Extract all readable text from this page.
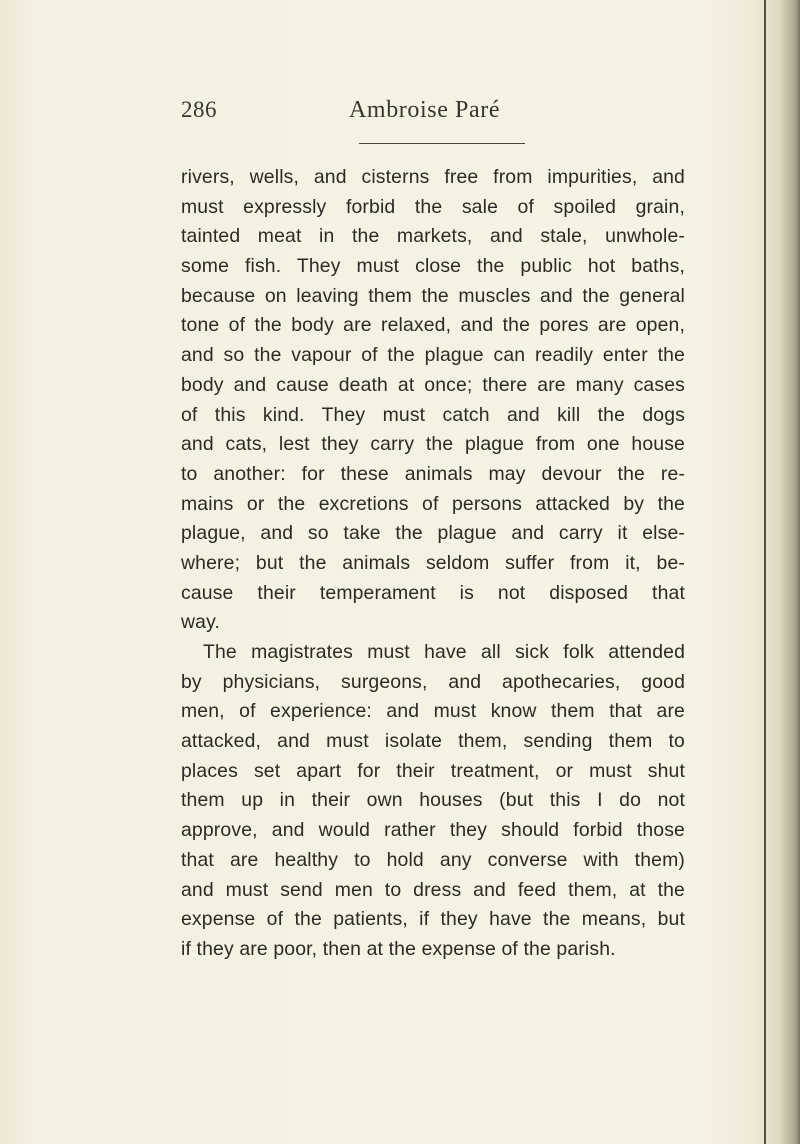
286	Ambroise Paré
rivers, wells, and cisterns free from impurities, and
must expressly forbid the sale of spoiled grain,
tainted meat in the markets, and stale, unwhole-
some fish. They must close the public hot baths,
because on leaving them the muscles and the general
tone of the body are relaxed, and the pores are open,
and so the vapour of the plague can readily enter the
body and cause death at once; there are many cases
of this kind. They must catch and kill the dogs
and cats, lest they carry the plague from one house
to another: for these animals may devour the re-
mains or the excretions of persons attacked by the
plague, and so take the plague and carry it else-
where; but the animals seldom suffer from it, be-
cause their temperament is not disposed that
way.
The magistrates must have all sick folk attended
by physicians, surgeons, and apothecaries, good
men, of experience: and must know them that are
attacked, and must isolate them, sending them to
places set apart for their treatment, or must shut
them up in their own houses (but this I do not
approve, and would rather they should forbid those
that are healthy to hold any converse with them)
and must send men to dress and feed them, at the
expense of the patients, if they have the means, but
if they are poor, then at the expense of the parish.
